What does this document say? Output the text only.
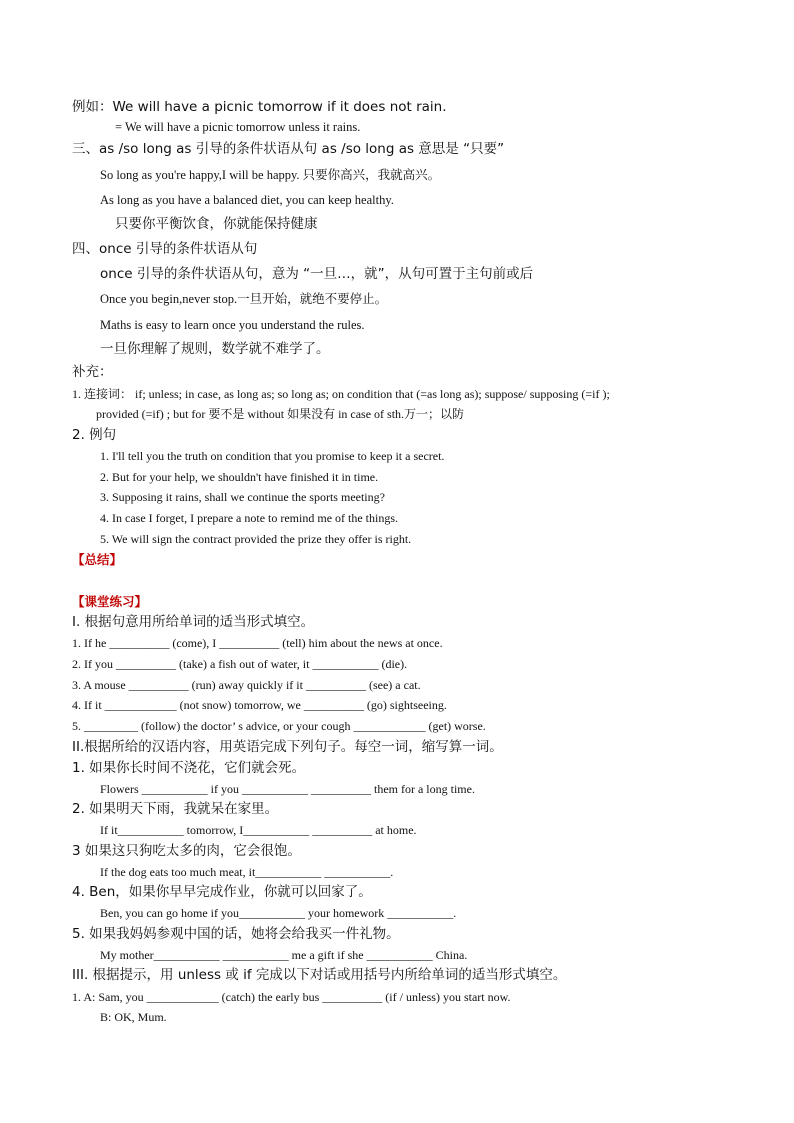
例如：We will have a picnic tomorrow if it does not rain.
= We will have a picnic tomorrow unless it rains.
三、as /so long as 引导的条件状语从句 as /so long as 意思是 “只要”
So long as you're happy,I will be happy. 只要你高兴，我就高兴。
As long as you have a balanced diet, you can keep healthy.
只要你平衡饮食，你就能保持健康
四、once 引导的条件状语从句
once 引导的条件状语从句，意为 “一旦…，就”，从句可置于主句前或后
Once you begin,never stop.一旦开始，就绝不要停止。
Maths is easy to learn once you understand the rules.
一旦你理解了规则，数学就不难学了。
补充：
1. 连接词： if; unless; in case, as long as; so long as; on condition that (=as long as); suppose/ supposing (=if );
provided (=if) ; but for 要不是 without 如果没有 in case of sth.万一；以防
2. 例句
1. I'll tell you the truth on condition that you promise to keep it a secret.
2. But for your help, we shouldn't have finished it in time.
3. Supposing it rains, shall we continue the sports meeting?
4. In case I forget, I prepare a note to remind me of the things.
5. We will sign the contract provided the prize they offer is right.
【总结】
【课堂练习】
I. 根据句意用所给单词的适当形式填空。
1. If he __________ (come), I __________ (tell) him about the news at once.
2. If you __________ (take) a fish out of water, it ___________ (die).
3. A mouse __________ (run) away quickly if it __________ (see) a cat.
4. If it ____________ (not snow) tomorrow, we __________ (go) sightseeing.
5. _________ (follow) the doctor’ s advice, or your cough ____________ (get) worse.
II.根据所给的汉语内容，用英语完成下列句子。每空一词，缩写算一词。
1. 如果你长时间不浇花，它们就会死。
Flowers ___________ if you ___________ __________ them for a long time.
2. 如果明天下雨，我就呆在家里。
If it___________ tomorrow, I___________ __________ at home.
3 如果这只狗吃太多的肉，它会很饱。
If the dog eats too much meat, it___________ ___________.
4. Ben，如果你早早完成作业，你就可以回家了。
Ben, you can go home if you___________ your homework ___________.
5. 如果我妈妈参观中国的话，她将会给我买一件礼物。
My mother___________ ___________ me a gift if she ___________ China.
III. 根据提示，用 unless 或 if 完成以下对话或用括号内所给单词的适当形式填空。
1. A: Sam, you ____________ (catch) the early bus __________ (if / unless) you start now.
B: OK, Mum.
